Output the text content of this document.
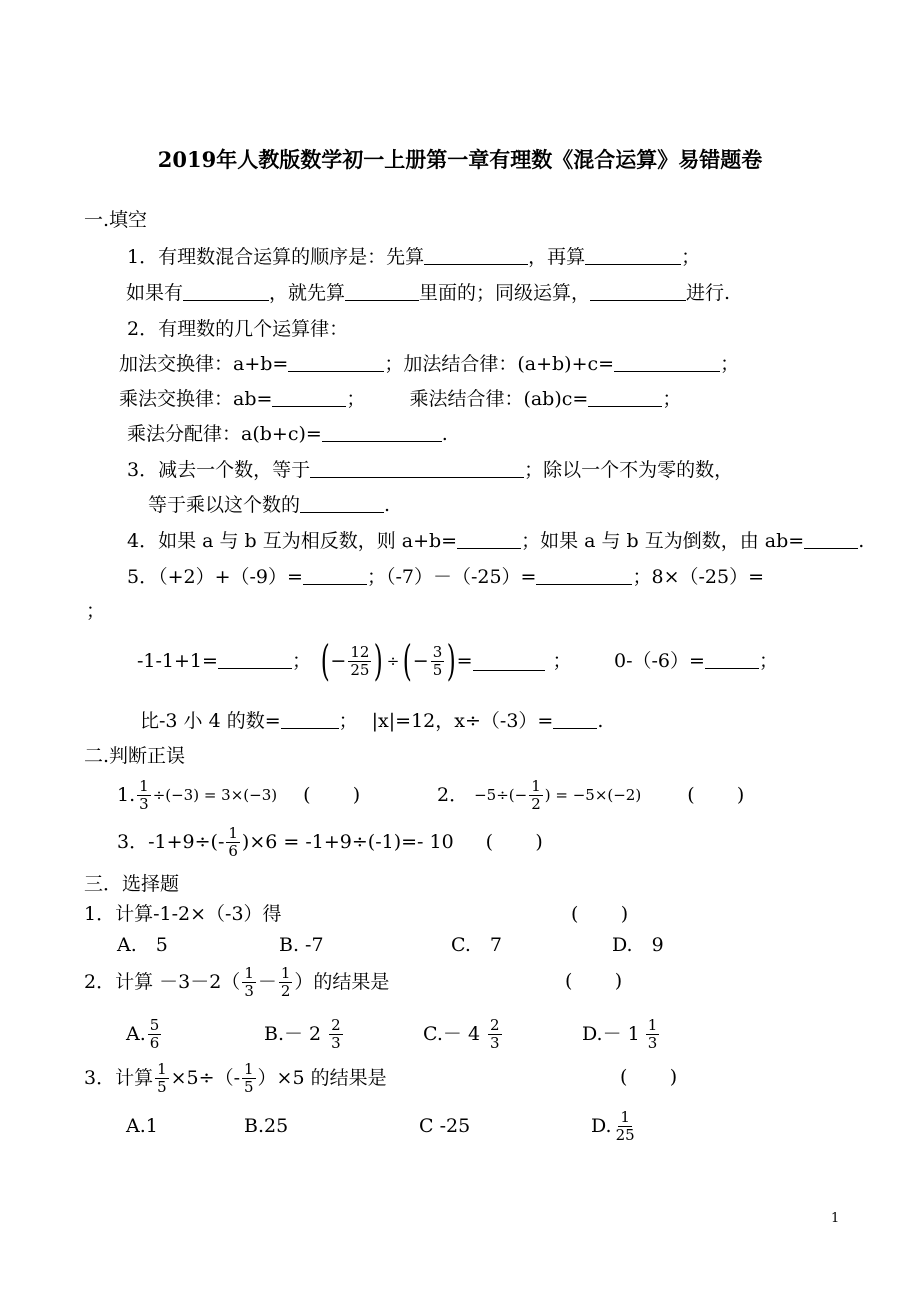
2019年人教版数学初一上册第一章有理数《混合运算》易错题卷
一.填空
1．有理数混合运算的顺序是：先算	，再算	；
如果有	，就先算	里面的；同级运算，	进行.
2．有理数的几个运算律：
加法交换律：a+b=	；加法结合律：(a+b)+c=	；
乘法交换律：ab=	； 乘法结合律：(ab)c=	；
乘法分配律：a(b+c)=	.
3．减去一个数，等于	；除以一个不为零的数，
等于乘以这个数的	.
4．如果 a 与 b 互为相反数，则 a+b=	；如果 a 与 b 互为倒数，由 ab=	.
5．（+2）+（-9）=	；（-7）－（-25）=	；8×（-25）=
；
-1-1+1=	； ( − $\frac{12}{25}$ ) ÷ ( − $\frac{3}{5}$ ) =	； 0-（-6）=	；
比-3 小 4 的数=	； |x|=12，x÷（-3）= .
二.判断正误
1. $\frac{1}{3} \div(-3) = 3\times(-3)$ (       )	2． $-5\div(- \frac{1}{2}$ ) = −5×(−2) (       )
3． $-1+9\div(- \frac{1}{6} )\times 6 = -1+9\div(-1)=-$ 10 (       )
三．选择题
1．计算-1-2×（-3）得	(       )
A.　5	B. -7	C.　7	D.　9
2．计算 $-3-2( \frac{1}{3} - \frac{1}{2}$ ）的结果是	(       )
A. $\frac{5}{6}$	$B.- 2 \frac{2}{3}$	$C.- 4 \frac{2}{3}$	$D.- 1 \frac{1}{3}$
3．计算 $\frac{1}{5} \times 5\div(- \frac{1}{5} )\times 5$ 的结果是	(       )
A.1	B.25	C -25	D. $\frac{1}{25}$
1
